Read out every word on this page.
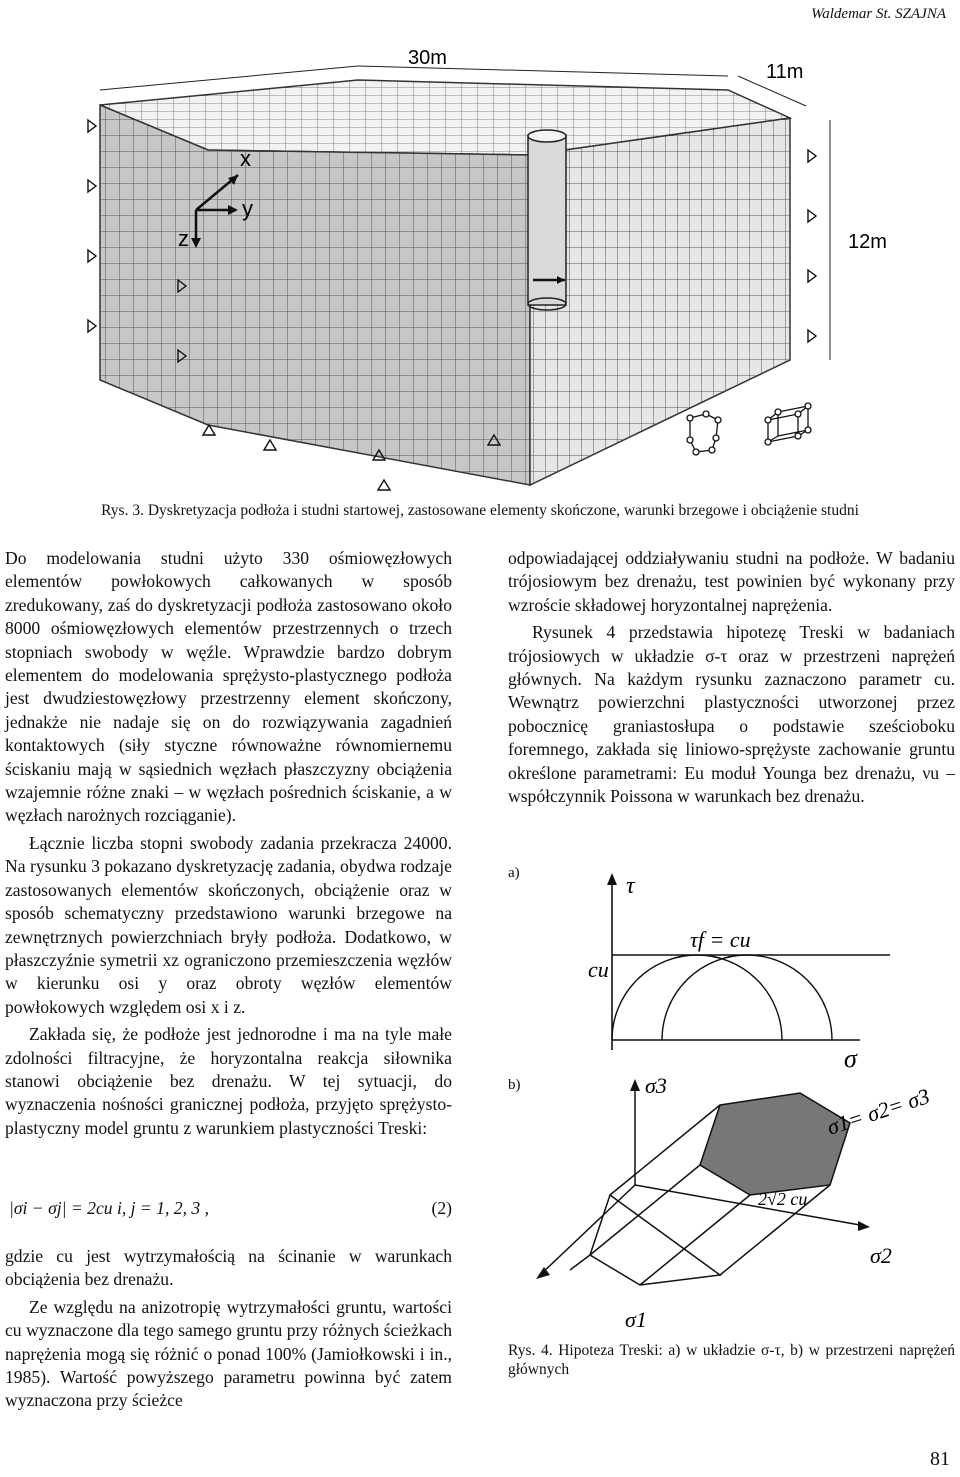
Waldemar St. SZAJNA
x
y
z
30m
11m
12m
Rys. 3. Dyskretyzacja podłoża i studni startowej, zastosowane elementy skończone, warunki brzegowe i obciążenie studni

Do modelowania studni użyto 330 ośmiowęzłowych elementów powłokowych całkowanych w sposób zredukowany, zaś do dyskretyzacji podłoża zastosowano około 8000 ośmiowęzłowych elementów przestrzennych o trzech stopniach swobody w węźle. Wprawdzie bardzo dobrym elementem do modelowania sprężysto-plastycznego podłoża jest dwudziestowęzłowy przestrzenny element skończony, jednakże nie nadaje się on do rozwiązywania zagadnień kontaktowych (siły styczne równoważne równomiernemu ściskaniu mają w sąsiednich węzłach płaszczyzny obciążenia wzajemnie różne znaki – w węzłach pośrednich ściskanie, a w węzłach narożnych rozciąganie).

Łącznie liczba stopni swobody zadania przekracza 24000. Na rysunku 3 pokazano dyskretyzację zadania, obydwa rodzaje zastosowanych elementów skończonych, obciążenie oraz w sposób schematyczny przedstawiono warunki brzegowe na zewnętrznych powierzchniach bryły podłoża. Dodatkowo, w płaszczyźnie symetrii xz ograniczono przemieszczenia węzłów w kierunku osi y oraz obroty węzłów elementów powłokowych względem osi x i z.

Zakłada się, że podłoże jest jednorodne i ma na tyle małe zdolności filtracyjne, że horyzontalna reakcja siłownika stanowi obciążenie bez drenażu. W tej sytuacji, do wyznaczenia nośności granicznej podłoża, przyjęto sprężysto-plastyczny model gruntu z warunkiem plastyczności Treski:

|σi − σj| = 2cu i, j = 1, 2, 3 ,	(2)

gdzie cu jest wytrzymałością na ścinanie w warunkach obciążenia bez drenażu.

Ze względu na anizotropię wytrzymałości gruntu, wartości cu wyznaczone dla tego samego gruntu przy różnych ścieżkach naprężenia mogą się różnić o ponad 100% (Jamiołkowski i in., 1985). Wartość powyższego parametru powinna być zatem wyznaczona przy ścieżce

odpowiadającej oddziaływaniu studni na podłoże. W badaniu trójosiowym bez drenażu, test powinien być wykonany przy wzroście składowej horyzontalnej naprężenia.

Rysunek 4 przedstawia hipotezę Treski w badaniach trójosiowych w układzie σ-τ oraz w przestrzeni naprężeń głównych. Na każdym rysunku zaznaczono parametr cu. Wewnątrz powierzchni plastyczności utworzonej przez pobocznicę graniastosłupa o podstawie sześcioboku foremnego, zakłada się liniowo-sprężyste zachowanie gruntu określone parametrami: Eu moduł Younga bez drenażu, νu – współczynnik Poissona w warunkach bez drenażu.

a)
b)
τ
cu
τf = cu
σ
σ3	σ1= σ2= σ3
2√2 cu
σ2
σ1
Rys. 4. Hipoteza Treski: a) w układzie σ-τ, b) w przestrzeni naprężeń głównych
81
